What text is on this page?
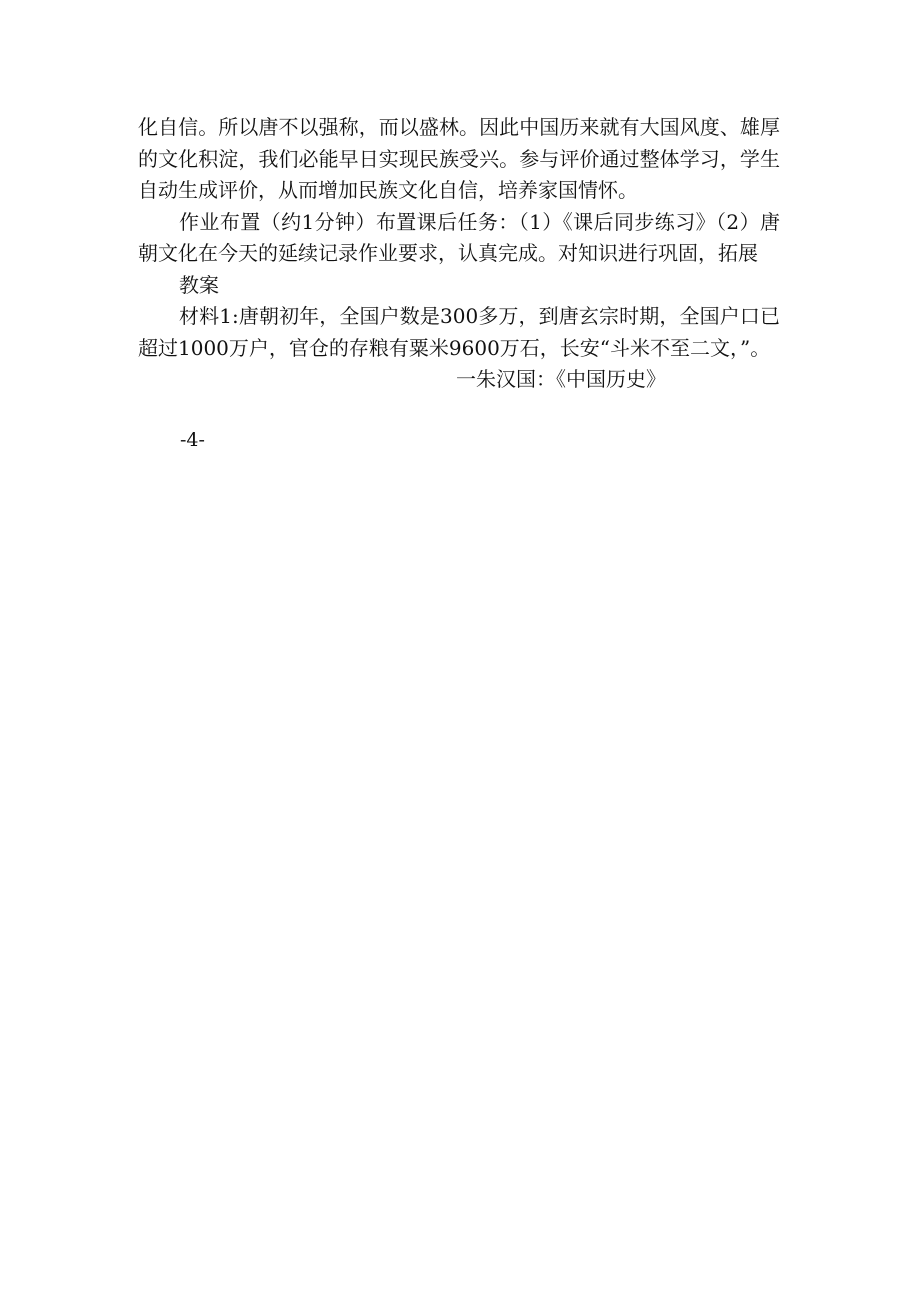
化自信。所以唐不以强称，而以盛林。因此中国历来就有大国风度、雄厚的文化积淀，我们必能早日实现民族受兴。参与评价通过整体学习，学生自动生成评价，从而增加民族文化自信，培养家国情怀。

作业布置（约1分钟）布置课后任务：（1）《课后同步练习》（2）唐朝文化在今天的延续记录作业要求，认真完成。对知识进行巩固，拓展

教案

材料1:唐朝初年，全国户数是300多万，到唐玄宗时期，全国户口已超过1000万户，官仓的存粮有粟米9600万石，长安“斗米不至二文，”。

一朱汉国：《中国历史》

-4-
